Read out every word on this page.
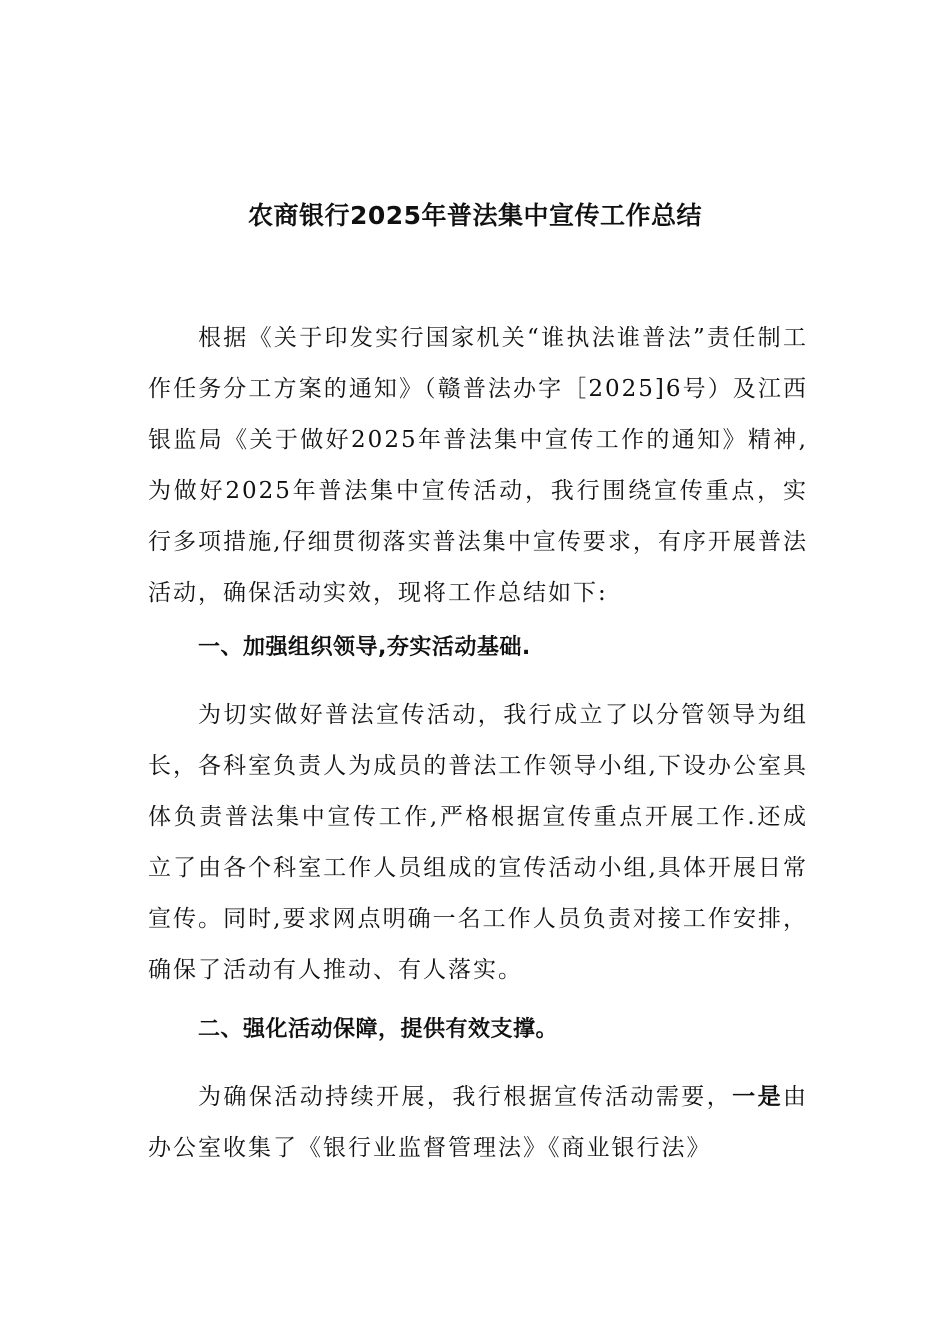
农商银行2025年普法集中宣传工作总结

根据《关于印发实行国家机关“谁执法谁普法”责任制工作任务分工方案的通知》（赣普法办字［2025]6号）及江西银监局《关于做好2025年普法集中宣传工作的通知》精神,为做好2025年普法集中宣传活动，我行围绕宣传重点，实行多项措施,仔细贯彻落实普法集中宣传要求，有序开展普法活动，确保活动实效，现将工作总结如下:

一、加强组织领导,夯实活动基础.

为切实做好普法宣传活动，我行成立了以分管领导为组长，各科室负责人为成员的普法工作领导小组,下设办公室具体负责普法集中宣传工作,严格根据宣传重点开展工作.还成立了由各个科室工作人员组成的宣传活动小组,具体开展日常宣传。同时,要求网点明确一名工作人员负责对接工作安排，确保了活动有人推动、有人落实。

二、强化活动保障，提供有效支撑。

为确保活动持续开展，我行根据宣传活动需要，一是由办公室收集了《银行业监督管理法》《商业银行法》
